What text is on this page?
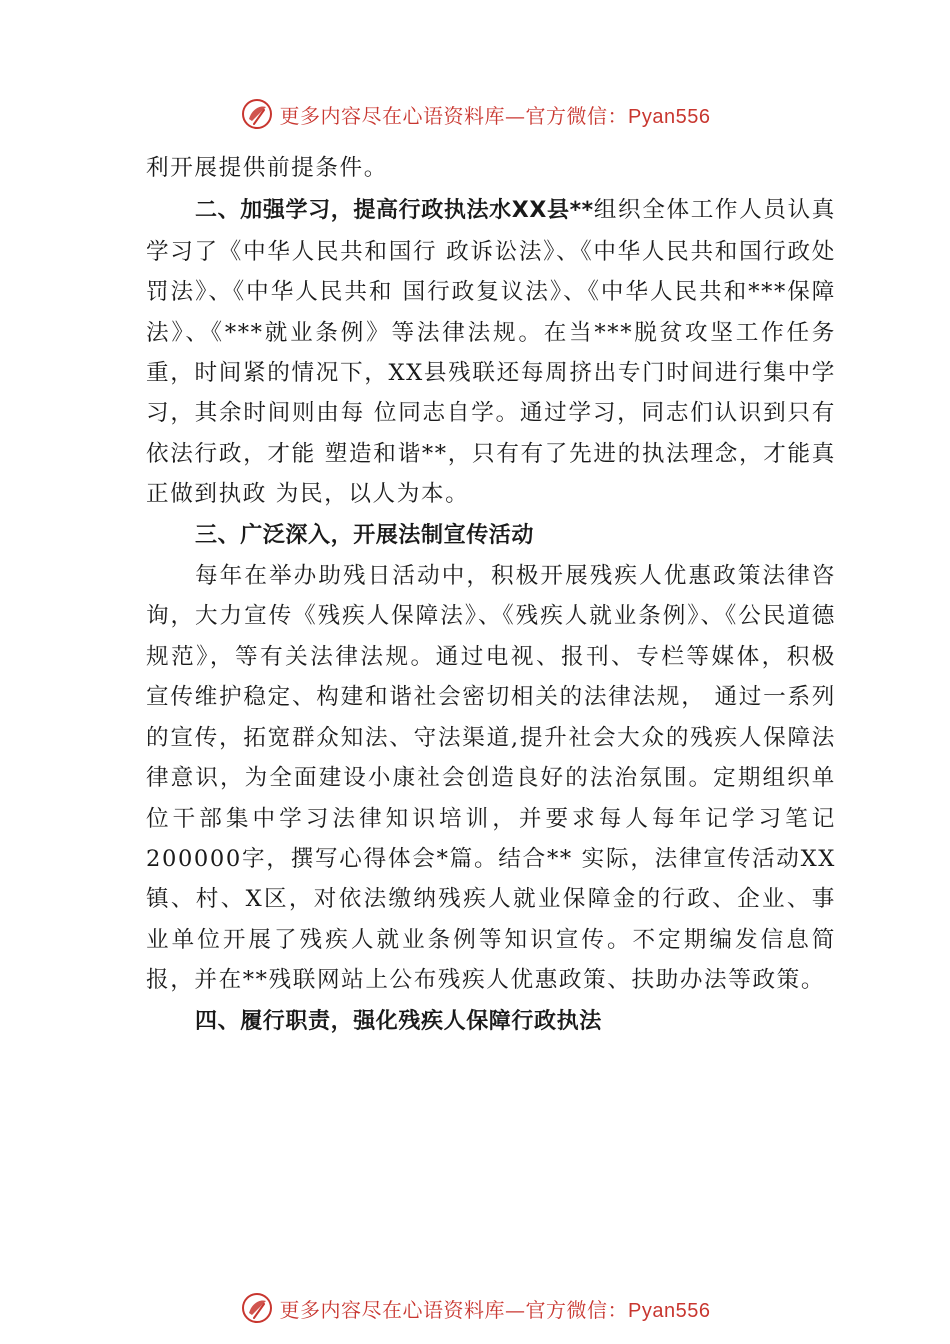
更多内容尽在心语资料库—官方微信：Pyan556

利开展提供前提条件。

二、加强学习，提高行政执法水XX县**组织全体工作人员认真学习了《中华人民共和国行 政诉讼法》、《中华人民共和国行政处罚法》、《中华人民共和 国行政复议法》、《中华人民共和***保障法》、《***就业条例》等法律法规。在当***脱贫攻坚工作任务重，时间紧的情况下，XX县残联还每周挤出专门时间进行集中学习，其余时间则由每 位同志自学。通过学习，同志们认识到只有依法行政，才能 塑造和谐**，只有有了先进的执法理念，才能真正做到执政 为民，以人为本。

三、广泛深入，开展法制宣传活动

每年在举办助残日活动中，积极开展残疾人优惠政策法律咨询，大力宣传《残疾人保障法》、《残疾人就业条例》、《公民道德规范》，等有关法律法规。通过电视、报刊、专栏等媒体，积极宣传维护稳定、构建和谐社会密切相关的法律法规， 通过一系列的宣传，拓宽群众知法、守法渠道,提升社会大众的残疾人保障法律意识，为全面建设小康社会创造良好的法治氛围。定期组织单位干部集中学习法律知识培训，并要求每人每年记学习笔记 200000字，撰写心得体会*篇。结合** 实际，法律宣传活动XX镇、村、X区，对依法缴纳残疾人就业保障金的行政、企业、事业单位开展了残疾人就业条例等知识宣传。不定期编发信息简报，并在**残联网站上公布残疾人优惠政策、扶助办法等政策。

四、履行职责，强化残疾人保障行政执法

更多内容尽在心语资料库—官方微信：Pyan556
